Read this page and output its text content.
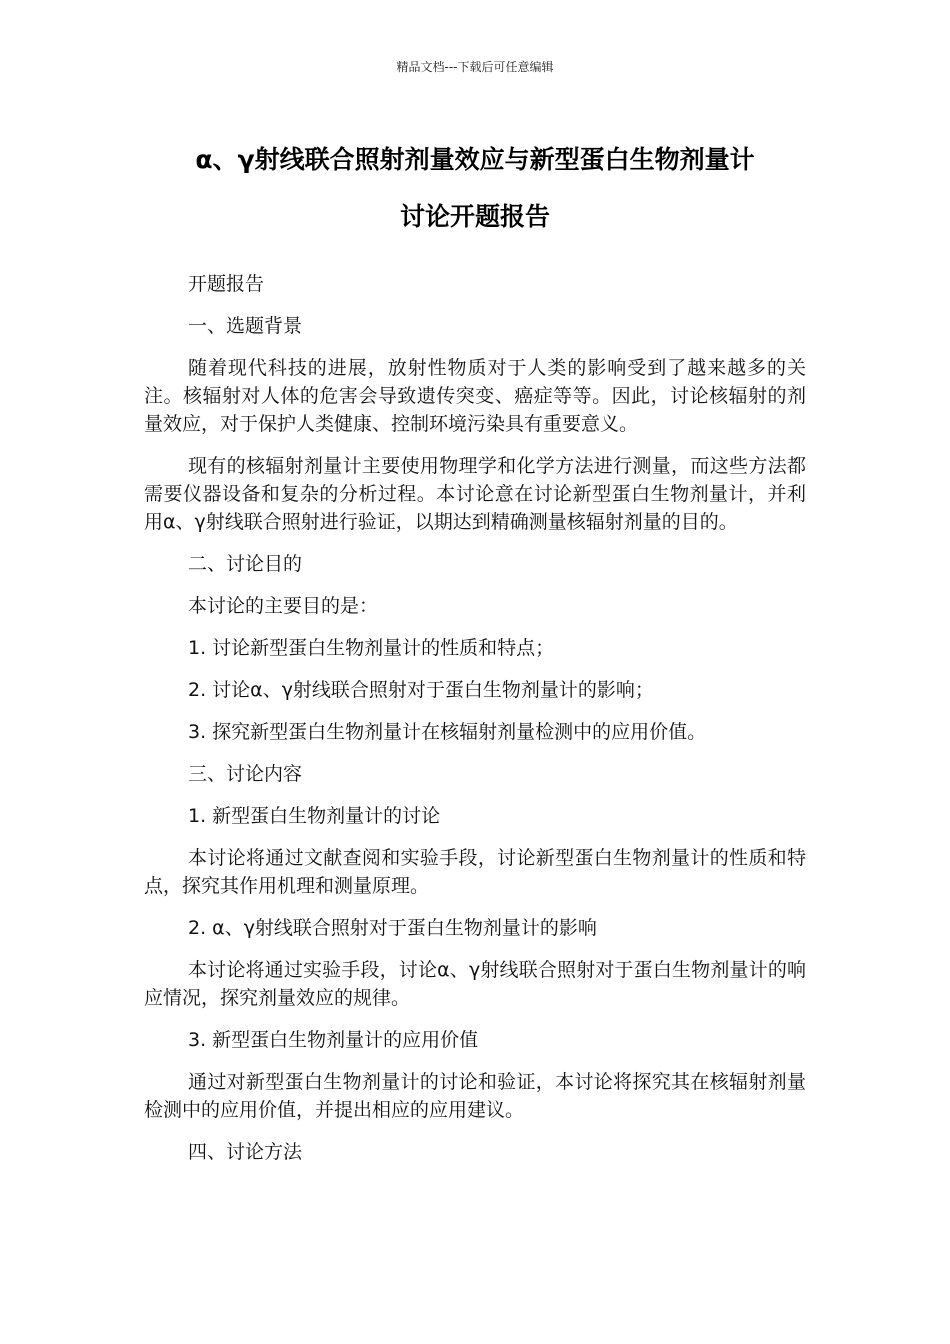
精品文档---下载后可任意编辑
α、γ射线联合照射剂量效应与新型蛋白生物剂量计
讨论开题报告

开题报告

一、选题背景

随着现代科技的进展，放射性物质对于人类的影响受到了越来越多的关注。核辐射对人体的危害会导致遗传突变、癌症等等。因此，讨论核辐射的剂量效应，对于保护人类健康、控制环境污染具有重要意义。

现有的核辐射剂量计主要使用物理学和化学方法进行测量，而这些方法都需要仪器设备和复杂的分析过程。本讨论意在讨论新型蛋白生物剂量计，并利用α、γ射线联合照射进行验证，以期达到精确测量核辐射剂量的目的。

二、讨论目的

本讨论的主要目的是：

1. 讨论新型蛋白生物剂量计的性质和特点；

2. 讨论α、γ射线联合照射对于蛋白生物剂量计的影响；

3. 探究新型蛋白生物剂量计在核辐射剂量检测中的应用价值。

三、讨论内容

1. 新型蛋白生物剂量计的讨论

本讨论将通过文献查阅和实验手段，讨论新型蛋白生物剂量计的性质和特点，探究其作用机理和测量原理。

2. α、γ射线联合照射对于蛋白生物剂量计的影响

本讨论将通过实验手段，讨论α、γ射线联合照射对于蛋白生物剂量计的响应情况，探究剂量效应的规律。

3. 新型蛋白生物剂量计的应用价值

通过对新型蛋白生物剂量计的讨论和验证，本讨论将探究其在核辐射剂量检测中的应用价值，并提出相应的应用建议。

四、讨论方法
